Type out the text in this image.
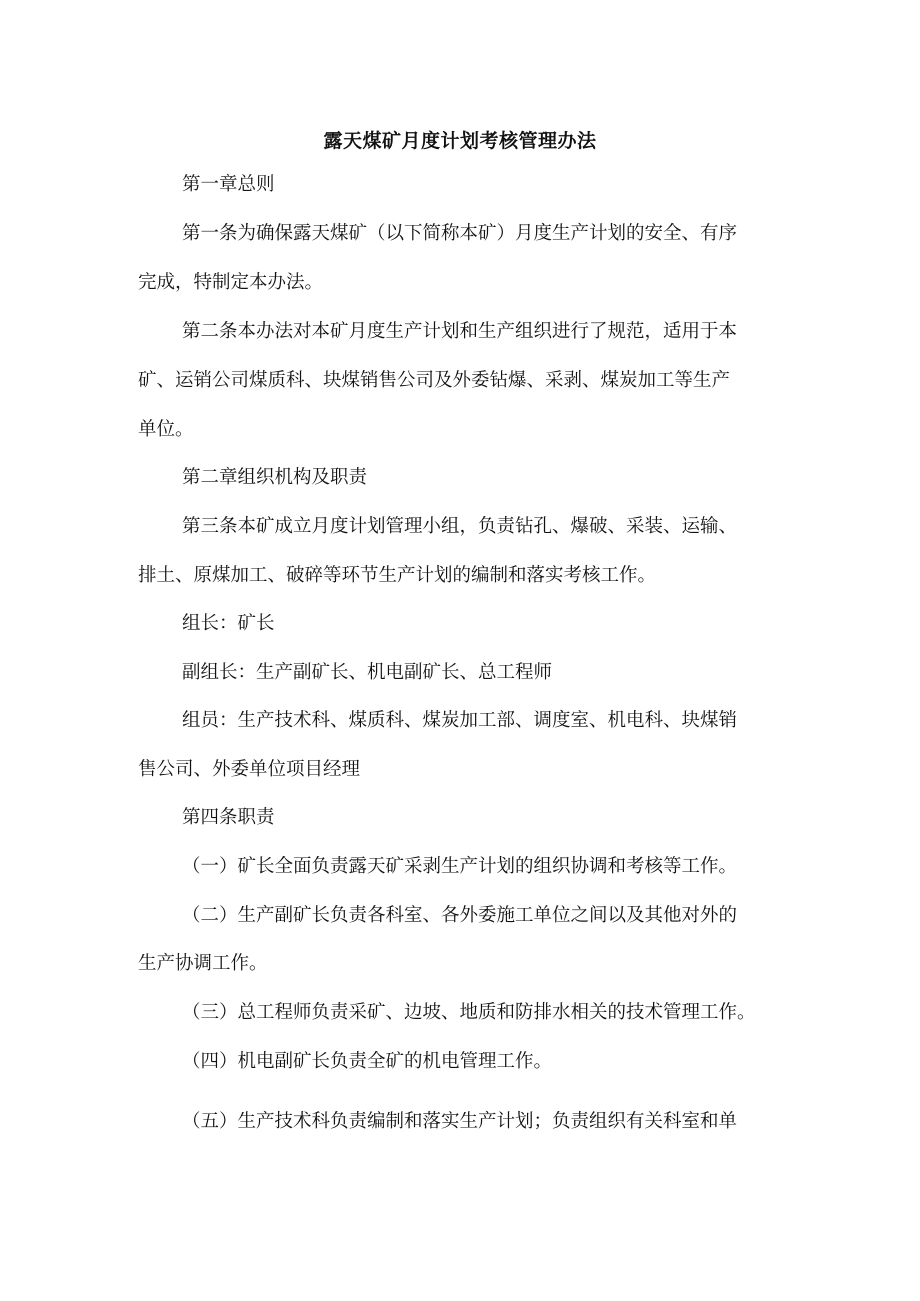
露天煤矿月度计划考核管理办法
第一章总则
第一条为确保露天煤矿（以下简称本矿）月度生产计划的安全、有序
完成，特制定本办法。
第二条本办法对本矿月度生产计划和生产组织进行了规范，适用于本
矿、运销公司煤质科、块煤销售公司及外委钻爆、采剥、煤炭加工等生产
单位。
第二章组织机构及职责
第三条本矿成立月度计划管理小组，负责钻孔、爆破、采装、运输、
排土、原煤加工、破碎等环节生产计划的编制和落实考核工作。
组长：矿长
副组长：生产副矿长、机电副矿长、总工程师
组员：生产技术科、煤质科、煤炭加工部、调度室、机电科、块煤销
售公司、外委单位项目经理
第四条职责
（一）矿长全面负责露天矿采剥生产计划的组织协调和考核等工作。
（二）生产副矿长负责各科室、各外委施工单位之间以及其他对外的
生产协调工作。
（三）总工程师负责采矿、边坡、地质和防排水相关的技术管理工作。
（四）机电副矿长负责全矿的机电管理工作。
（五）生产技术科负责编制和落实生产计划；负责组织有关科室和单
